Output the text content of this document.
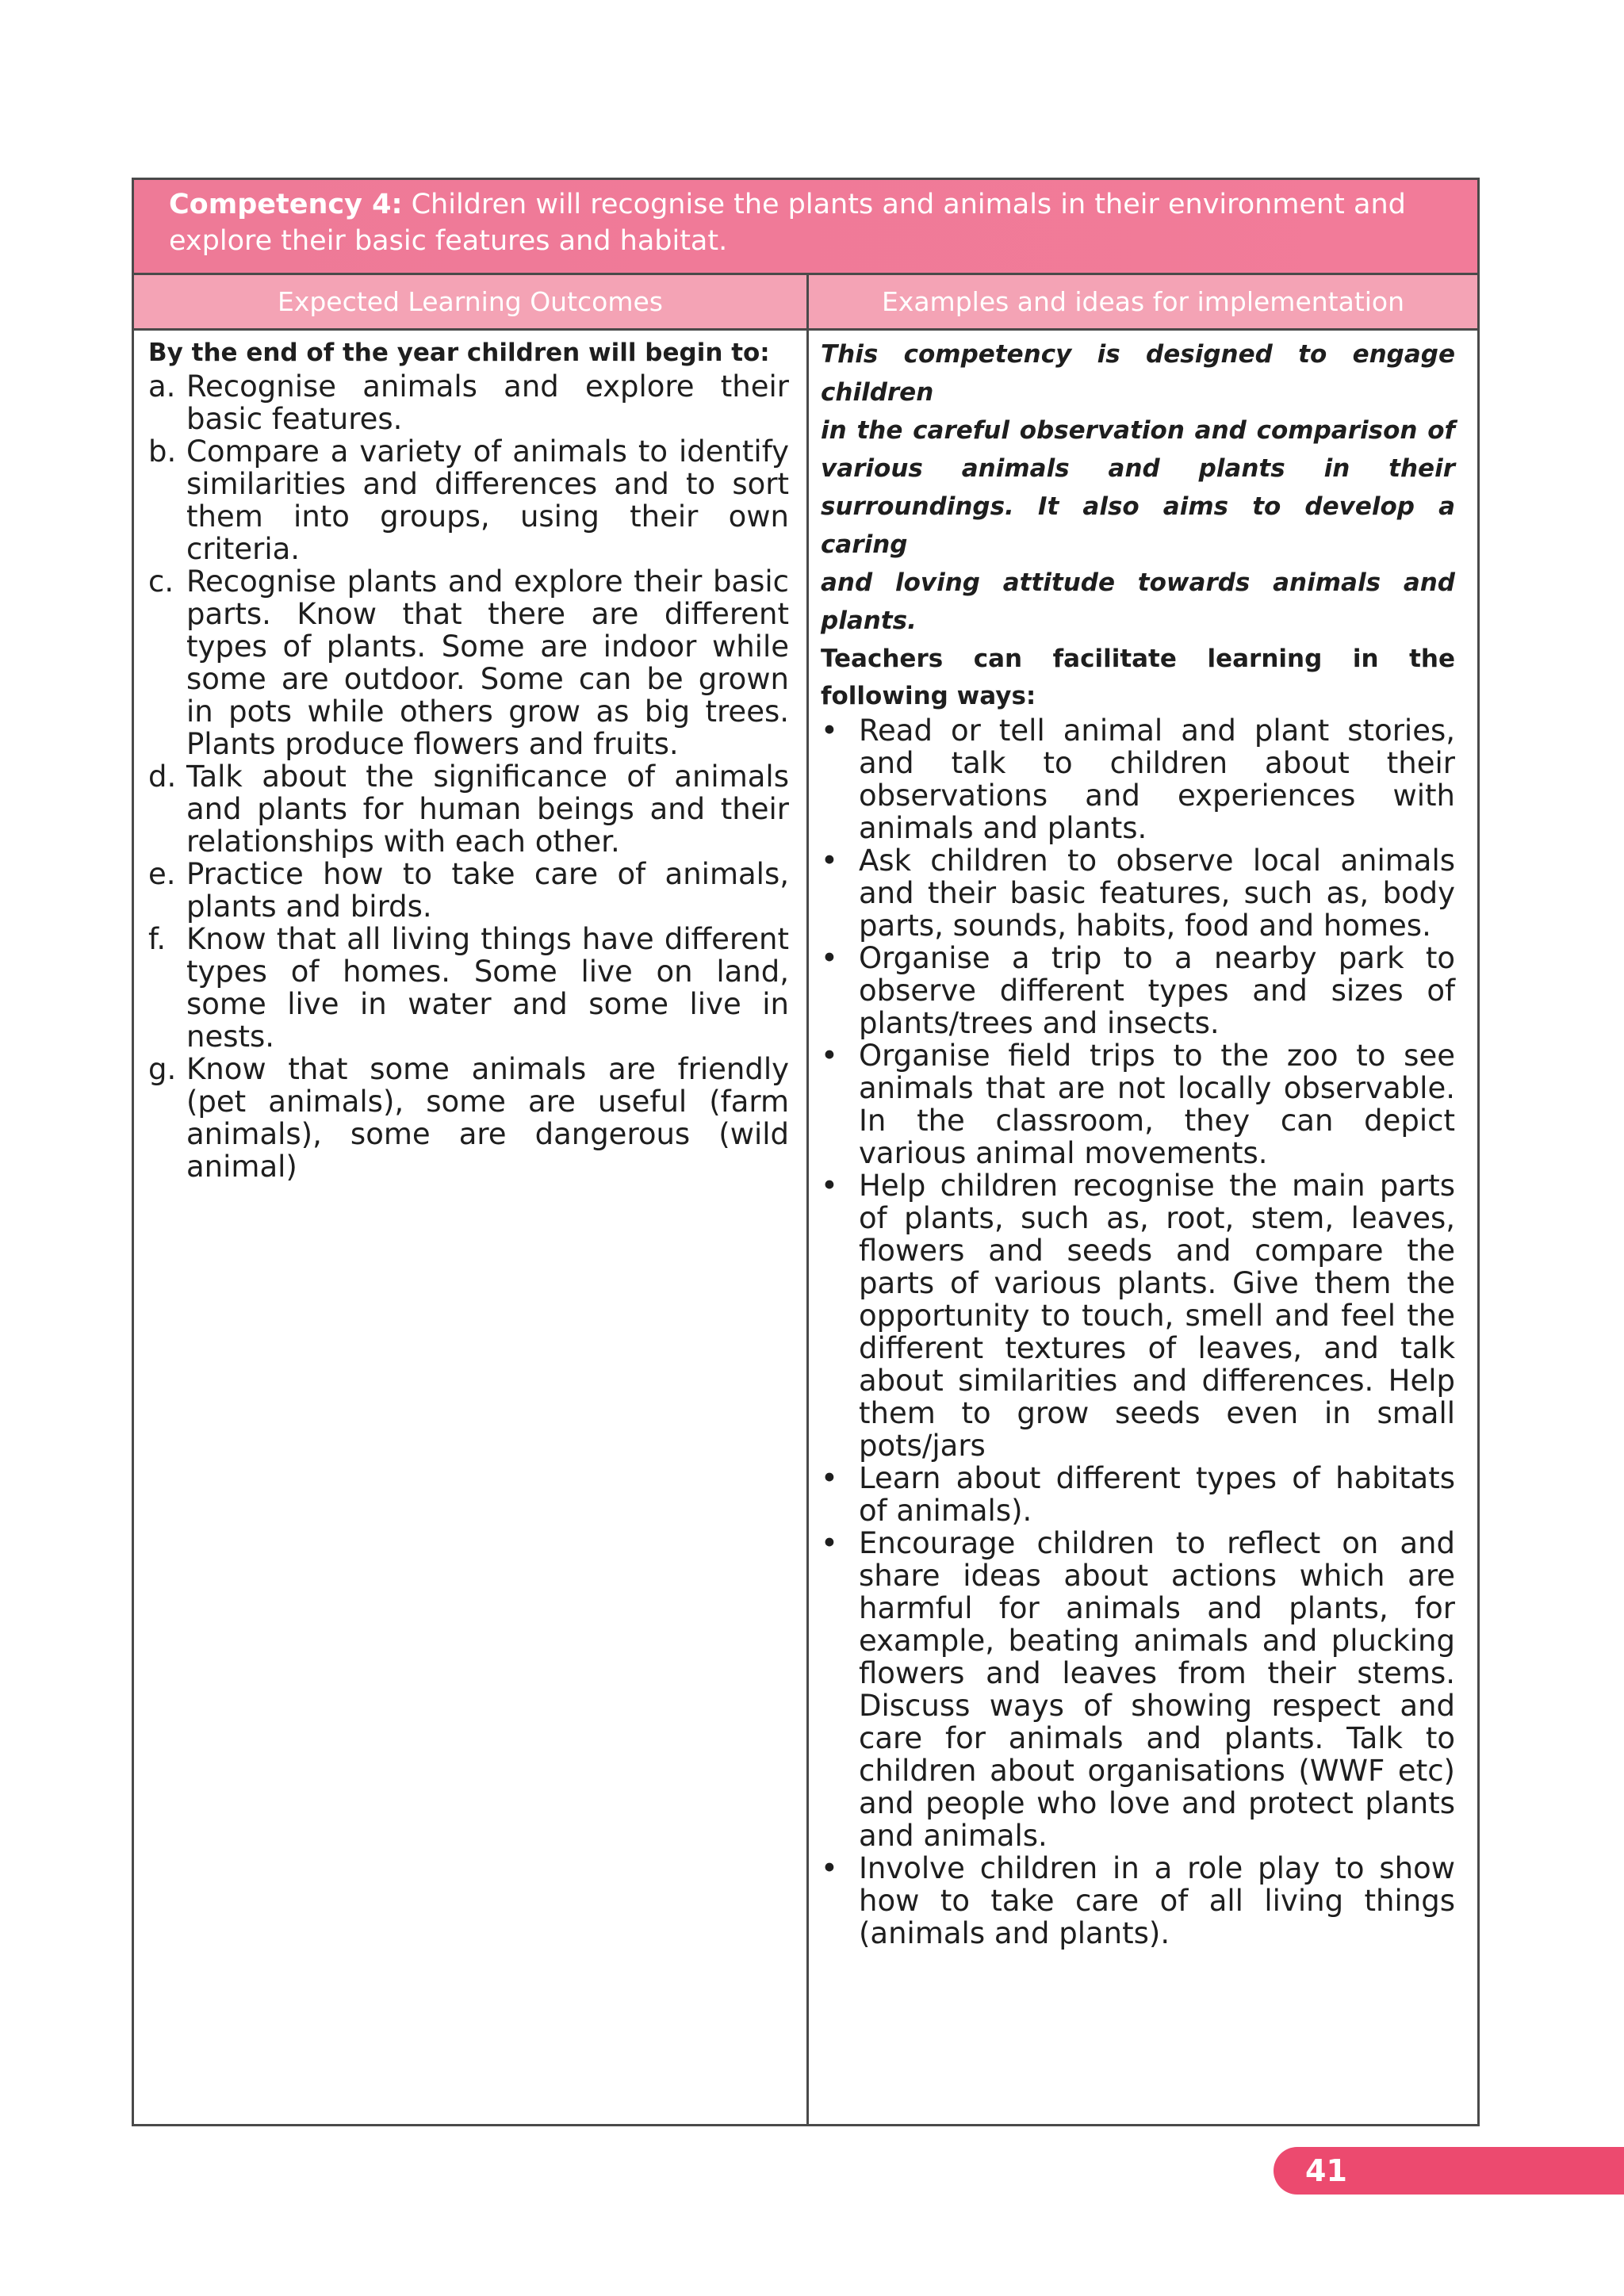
Competency 4: Children will recognise the plants and animals in their environment and explore their basic features and habitat.
Expected Learning Outcomes	Examples and ideas for implementation
By the end of the year children will begin to:
a. Recognise animals and explore their basic features.
b. Compare a variety of animals to identify similarities and differences and to sort them into groups, using their own criteria.
c. Recognise plants and explore their basic parts. Know that there are different types of plants. Some are indoor while some are outdoor. Some can be grown in pots while others grow as big trees. Plants produce flowers and fruits.
d. Talk about the significance of animals and plants for human beings and their relationships with each other.
e. Practice how to take care of animals, plants and birds.
f. Know that all living things have different types of homes. Some live on land, some live in water and some live in nests.
g. Know that some animals are friendly (pet animals), some are useful (farm animals), some are dangerous (wild animal)
This competency is designed to engage children
in the careful observation and comparison of
various animals and plants in their
surroundings. It also aims to develop a caring
and loving attitude towards animals and plants.
Teachers can facilitate learning in the
following ways:
• Read or tell animal and plant stories, and talk to children about their observations and experiences with animals and plants.
• Ask children to observe local animals and their basic features, such as, body parts, sounds, habits, food and homes.
• Organise a trip to a nearby park to observe different types and sizes of plants/trees and insects.
• Organise field trips to the zoo to see animals that are not locally observable. In the classroom, they can depict various animal movements.
• Help children recognise the main parts of plants, such as, root, stem, leaves, flowers and seeds and compare the parts of various plants. Give them the opportunity to touch, smell and feel the different textures of leaves, and talk about similarities and differences. Help them to grow seeds even in small pots/jars
• Learn about different types of habitats of animals).
• Encourage children to reflect on and share ideas about actions which are harmful for animals and plants, for example, beating animals and plucking flowers and leaves from their stems. Discuss ways of showing respect and care for animals and plants. Talk to children about organisations (WWF etc) and people who love and protect plants and animals.
• Involve children in a role play to show how to take care of all living things (animals and plants).
41
